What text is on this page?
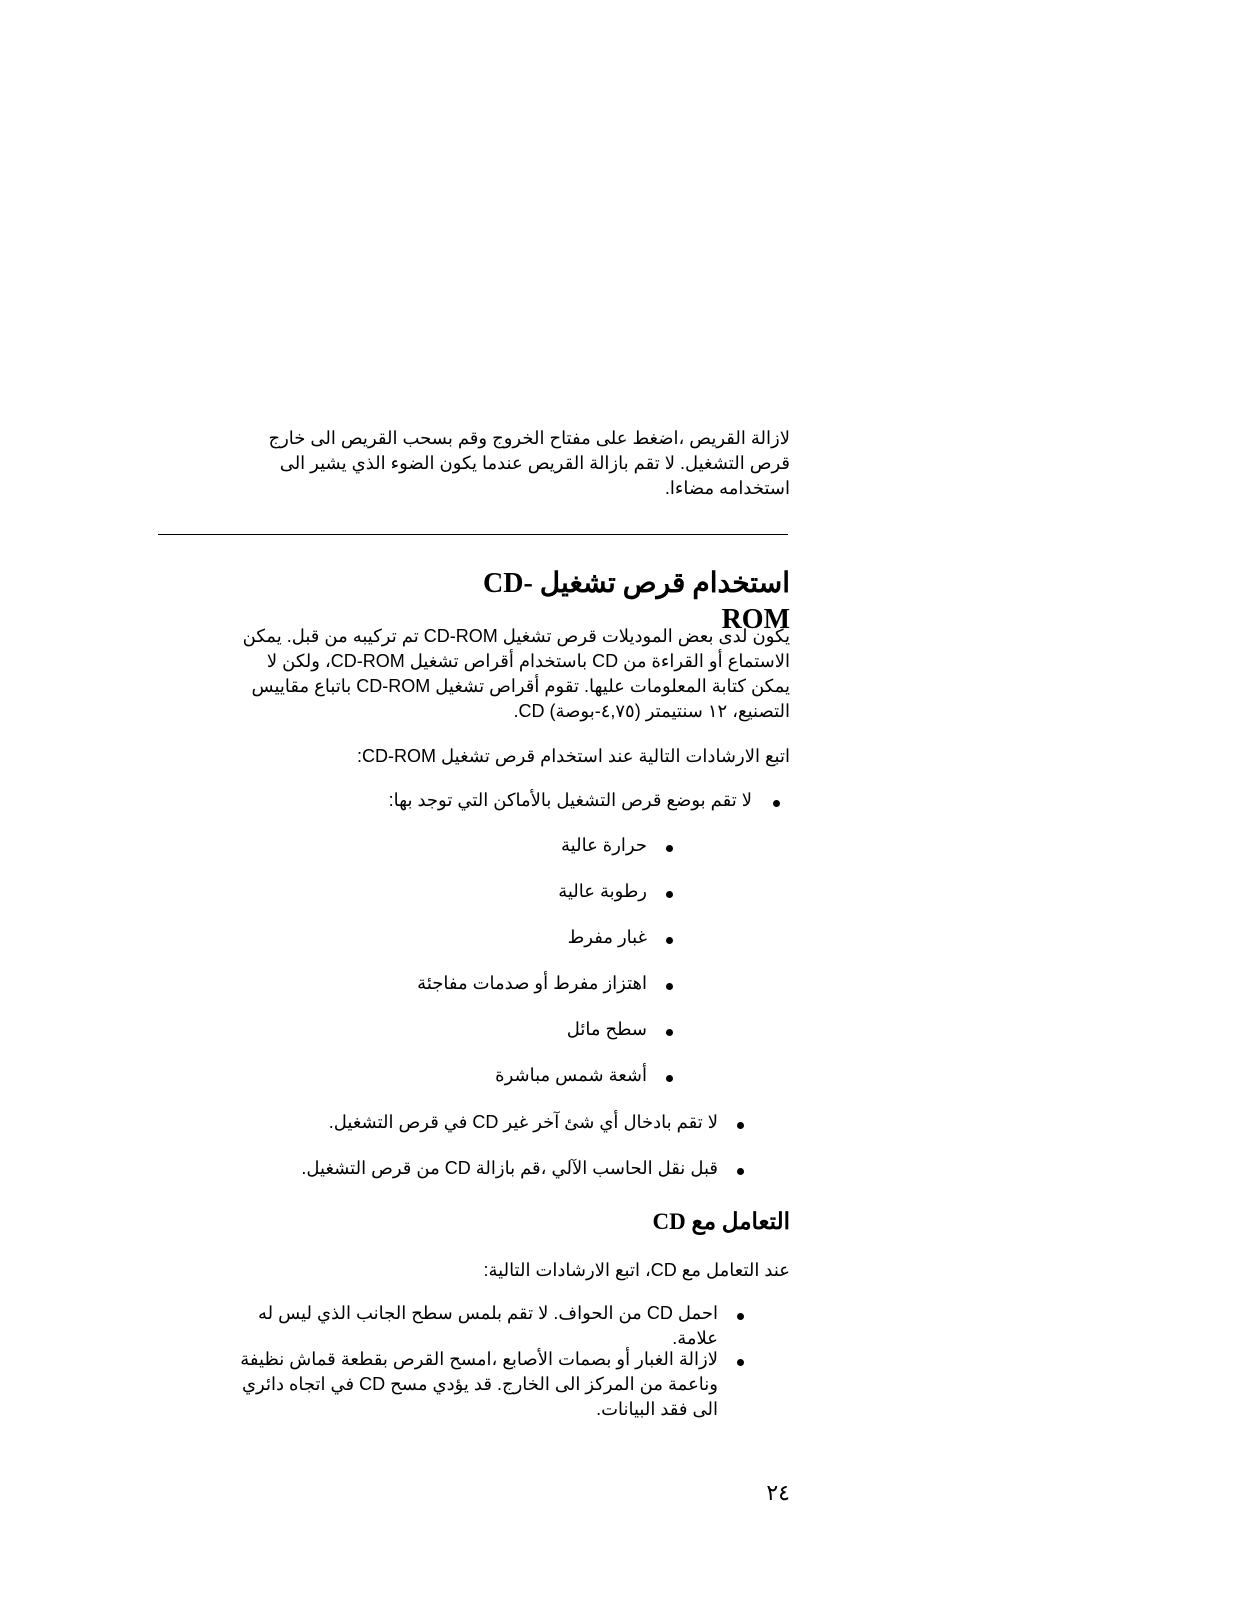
لازالة القريص ،اضغط على مفتاح الخروج وقم بسحب القريص الى خارج قرص التشغيل. لا تقم بازالة القريص عندما يكون الضوء الذي يشير الى استخدامه مضاءا.

استخدام قرص تشغيل CD-ROM

يكون لدى بعض الموديلات قرص تشغيل CD-ROM تم تركيبه من قبل. يمكن الاستماع أو القراءة من CD باستخدام أقراص تشغيل CD-ROM، ولكن لا يمكن كتابة المعلومات عليها. تقوم أقراص تشغيل CD-ROM باتباع مقاييس التصنيع، ١٢ سنتيمتر (٤,٧٥-بوصة) CD.

اتبع الارشادات التالية عند استخدام قرص تشغيل CD-ROM:

لا تقم بوضع قرص التشغيل بالأماكن التي توجد بها:

حرارة عالية

رطوبة عالية

غبار مفرط

اهتزاز مفرط أو صدمات مفاجئة

سطح مائل

أشعة شمس مباشرة

لا تقم بادخال أي شئ آخر غير CD في قرص التشغيل.

قبل نقل الحاسب الآلي ،قم بازالة CD من قرص التشغيل.

التعامل مع CD

عند التعامل مع CD، اتبع الارشادات التالية:

احمل CD من الحواف. لا تقم بلمس سطح الجانب الذي ليس له علامة.

لازالة الغبار أو بصمات الأصابع ،امسح القرص بقطعة قماش نظيفة وناعمة من المركز الى الخارج. قد يؤدي مسح CD في اتجاه دائري الى فقد البيانات.

٢٤
